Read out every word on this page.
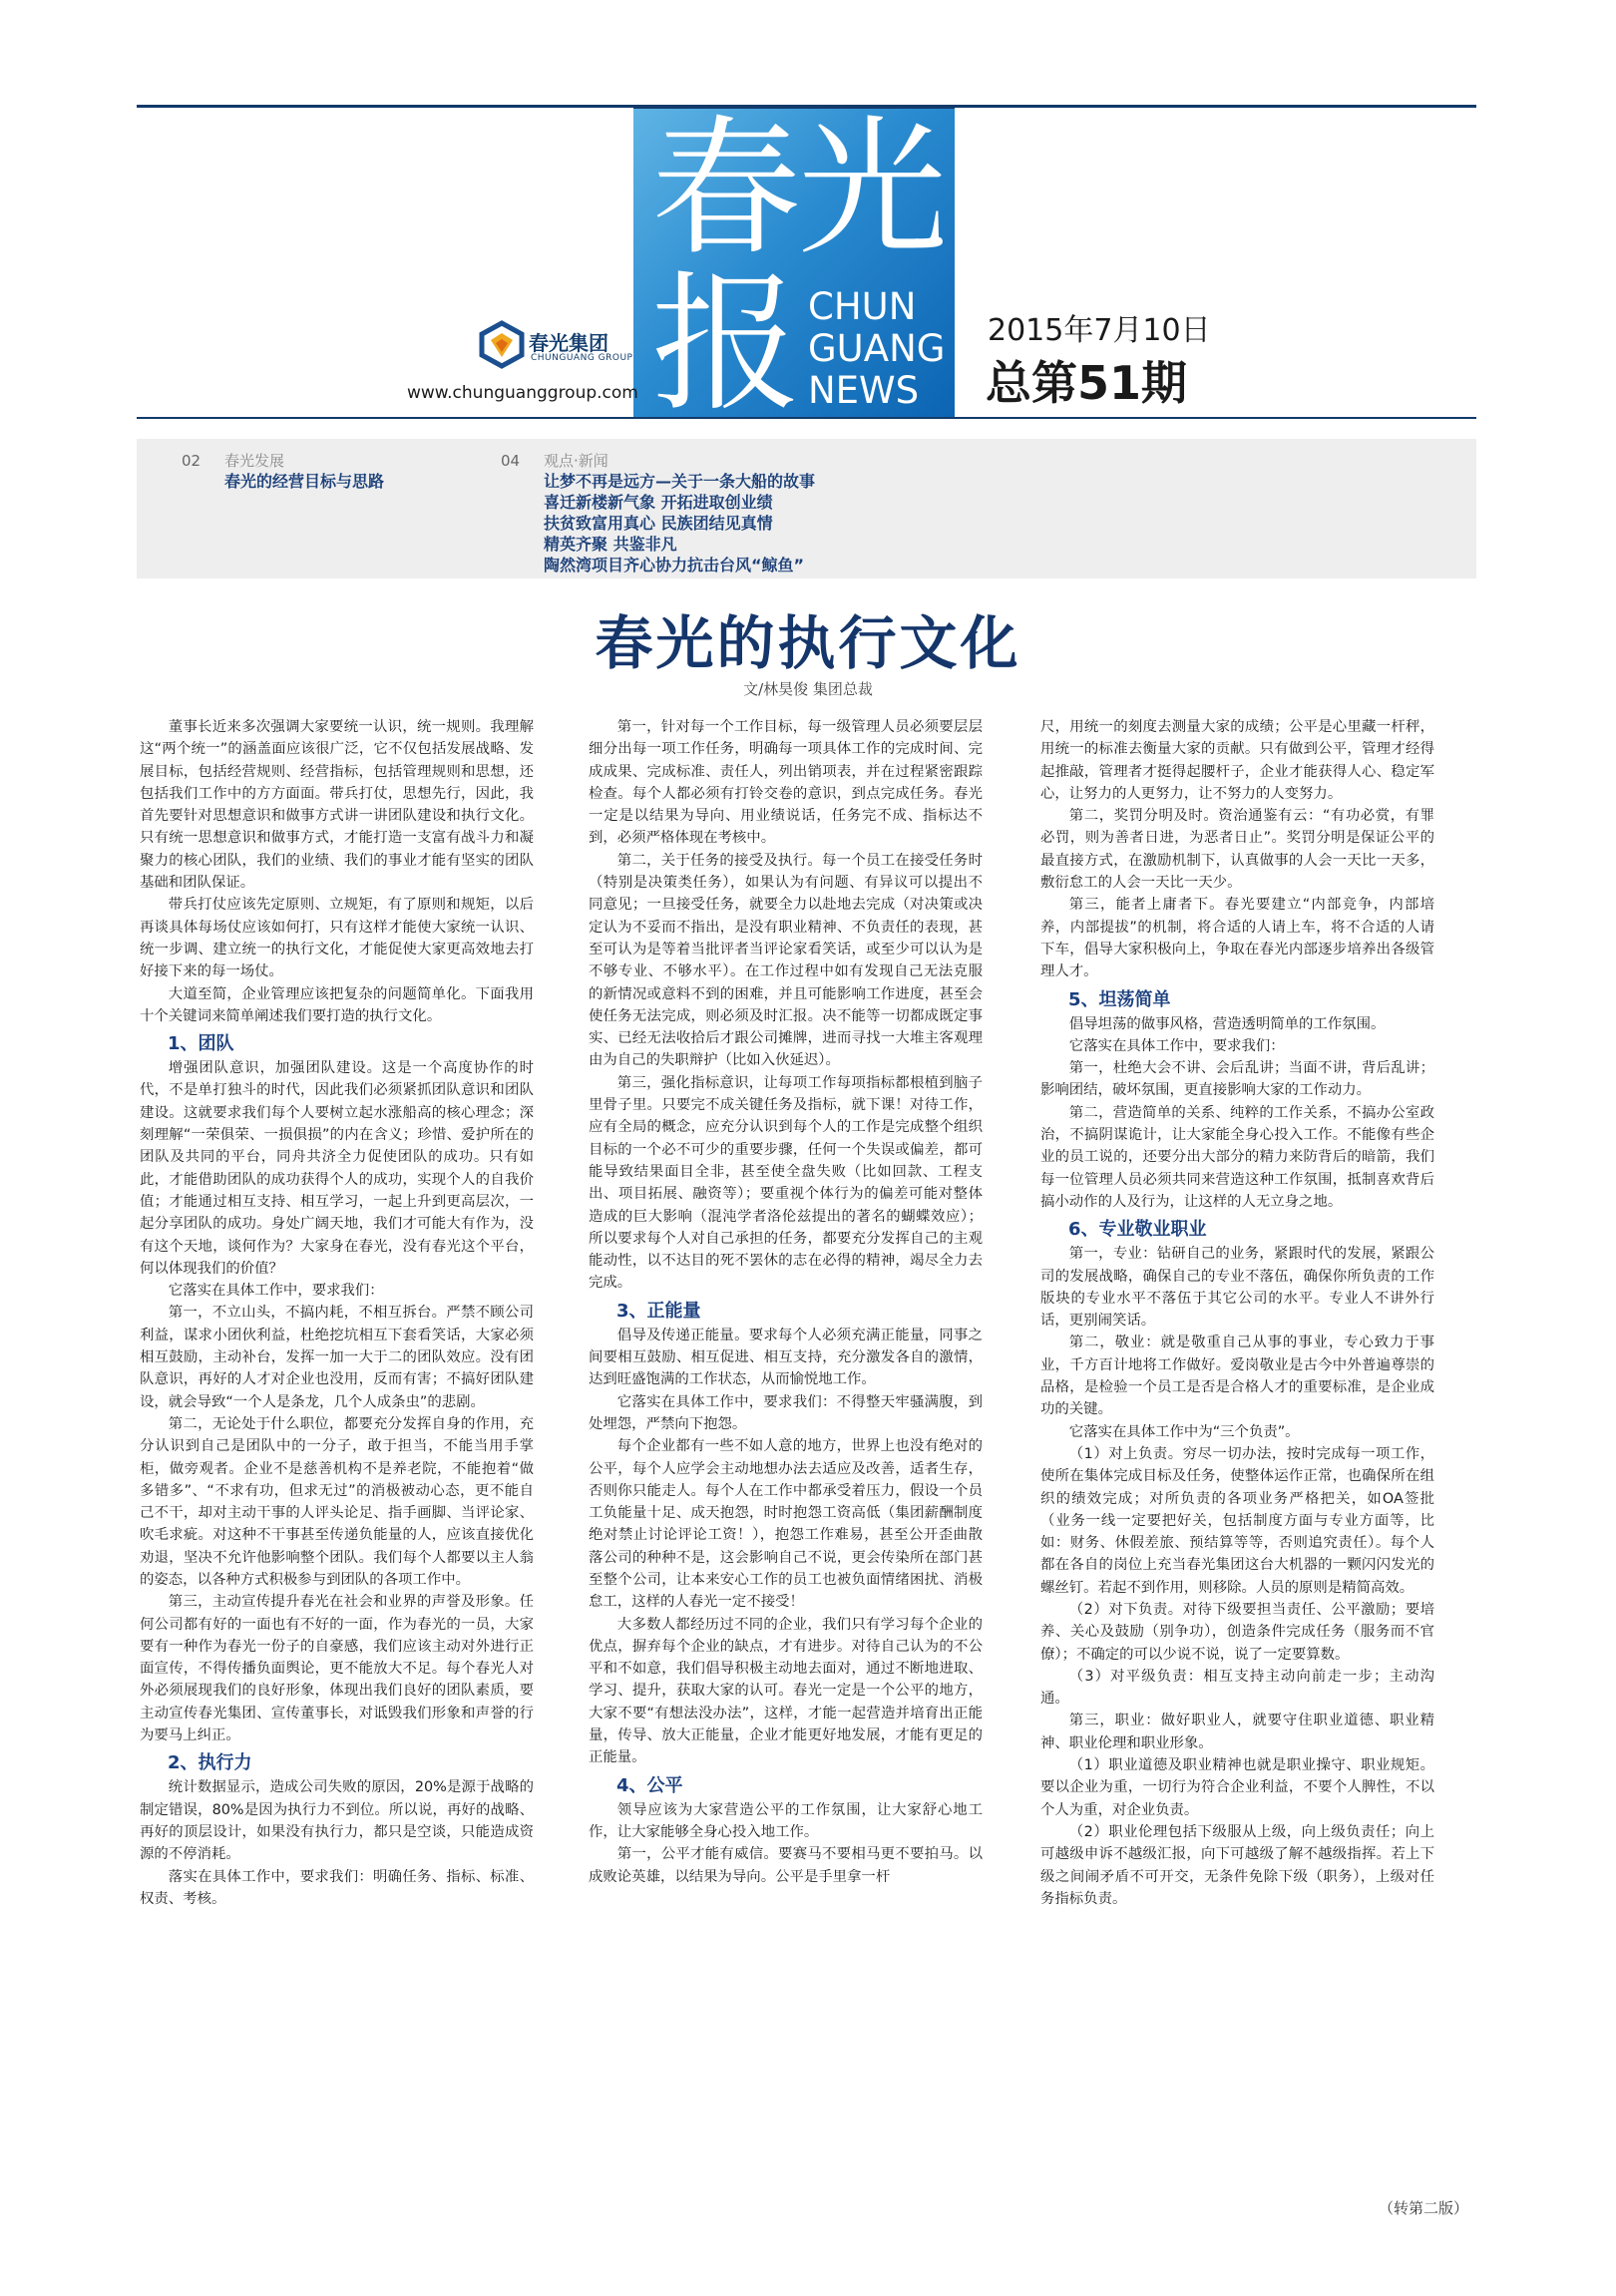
春
光
报 CHUN
GUANG
NEWS
春光集团
CHUNGUANG GROUP
www.chunguanggroup.com
2015年7月10日
总第51期
02 春光发展
春光的经营目标与思路
04 观点·新闻
让梦不再是远方—关于一条大船的故事
喜迁新楼新气象 开拓进取创业绩
扶贫致富用真心 民族团结见真情
精英齐聚 共鉴非凡
陶然湾项目齐心协力抗击台风“鲸鱼”
春光的执行文化
文/林昊俊 集团总裁

董事长近来多次强调大家要统一认识，统一规则。我理解这“两个统一”的涵盖面应该很广泛，它不仅包括发展战略、发展目标，包括经营规则、经营指标，包括管理规则和思想，还包括我们工作中的方方面面。带兵打仗，思想先行，因此，我首先要针对思想意识和做事方式讲一讲团队建设和执行文化。只有统一思想意识和做事方式，才能打造一支富有战斗力和凝聚力的核心团队，我们的业绩、我们的事业才能有坚实的团队基础和团队保证。

带兵打仗应该先定原则、立规矩，有了原则和规矩，以后再谈具体每场仗应该如何打，只有这样才能使大家统一认识、统一步调、建立统一的执行文化，才能促使大家更高效地去打好接下来的每一场仗。

大道至简，企业管理应该把复杂的问题简单化。下面我用十个关键词来简单阐述我们要打造的执行文化。

1、团队

增强团队意识，加强团队建设。这是一个高度协作的时代，不是单打独斗的时代，因此我们必须紧抓团队意识和团队建设。这就要求我们每个人要树立起水涨船高的核心理念；深刻理解“一荣俱荣、一损俱损”的内在含义；珍惜、爱护所在的团队及共同的平台，同舟共济全力促使团队的成功。只有如此，才能借助团队的成功获得个人的成功，实现个人的自我价值；才能通过相互支持、相互学习，一起上升到更高层次，一起分享团队的成功。身处广阔天地，我们才可能大有作为，没有这个天地，谈何作为？大家身在春光，没有春光这个平台，何以体现我们的价值？

它落实在具体工作中，要求我们：

第一，不立山头，不搞内耗，不相互拆台。严禁不顾公司利益，谋求小团伙利益，杜绝挖坑相互下套看笑话，大家必须相互鼓励，主动补台，发挥一加一大于二的团队效应。没有团队意识，再好的人才对企业也没用，反而有害；不搞好团队建设，就会导致“一个人是条龙，几个人成条虫”的悲剧。

第二，无论处于什么职位，都要充分发挥自身的作用，充分认识到自己是团队中的一分子，敢于担当，不能当用手掌柜，做旁观者。企业不是慈善机构不是养老院，不能抱着“做多错多”、“不求有功，但求无过”的消极被动心态，更不能自己不干，却对主动干事的人评头论足、指手画脚、当评论家、吹毛求疵。对这种不干事甚至传递负能量的人，应该直接优化劝退，坚决不允许他影响整个团队。我们每个人都要以主人翁的姿态，以各种方式积极参与到团队的各项工作中。

第三，主动宣传提升春光在社会和业界的声誉及形象。任何公司都有好的一面也有不好的一面，作为春光的一员，大家要有一种作为春光一份子的自豪感，我们应该主动对外进行正面宣传，不得传播负面舆论，更不能放大不足。每个春光人对外必须展现我们的良好形象，体现出我们良好的团队素质，要主动宣传春光集团、宣传董事长，对诋毁我们形象和声誉的行为要马上纠正。

2、执行力

统计数据显示，造成公司失败的原因，20%是源于战略的制定错误，80%是因为执行力不到位。所以说，再好的战略、再好的顶层设计，如果没有执行力，都只是空谈，只能造成资源的不停消耗。

落实在具体工作中，要求我们：明确任务、指标、标准、权责、考核。

第一，针对每一个工作目标，每一级管理人员必须要层层细分出每一项工作任务，明确每一项具体工作的完成时间、完成成果、完成标准、责任人，列出销项表，并在过程紧密跟踪检查。每个人都必须有打铃交卷的意识，到点完成任务。春光一定是以结果为导向、用业绩说话，任务完不成、指标达不到，必须严格体现在考核中。

第二，关于任务的接受及执行。每一个员工在接受任务时（特别是决策类任务），如果认为有问题、有异议可以提出不同意见；一旦接受任务，就要全力以赴地去完成（对决策或决定认为不妥而不指出，是没有职业精神、不负责任的表现，甚至可认为是等着当批评者当评论家看笑话，或至少可以认为是不够专业、不够水平）。在工作过程中如有发现自己无法克服的新情况或意料不到的困难，并且可能影响工作进度，甚至会使任务无法完成，则必须及时汇报。决不能等一切都成既定事实、已经无法收拾后才跟公司摊牌，进而寻找一大堆主客观理由为自己的失职辩护（比如入伙延迟）。

第三，强化指标意识，让每项工作每项指标都根植到脑子里骨子里。只要完不成关键任务及指标，就下课！对待工作，应有全局的概念，应充分认识到每个人的工作是完成整个组织目标的一个必不可少的重要步骤，任何一个失误或偏差，都可能导致结果面目全非，甚至使全盘失败（比如回款、工程支出、项目拓展、融资等）；要重视个体行为的偏差可能对整体造成的巨大影响（混沌学者洛伦兹提出的著名的蝴蝶效应）；所以要求每个人对自己承担的任务，都要充分发挥自己的主观能动性，以不达目的死不罢休的志在必得的精神，竭尽全力去完成。

3、正能量

倡导及传递正能量。要求每个人必须充满正能量，同事之间要相互鼓励、相互促进、相互支持，充分激发各自的激情，达到旺盛饱满的工作状态，从而愉悦地工作。

它落实在具体工作中，要求我们：不得整天牢骚满腹，到处埋怨，严禁向下抱怨。

每个企业都有一些不如人意的地方，世界上也没有绝对的公平，每个人应学会主动地想办法去适应及改善，适者生存，否则你只能走人。每个人在工作中都承受着压力，假设一个员工负能量十足、成天抱怨，时时抱怨工资高低（集团薪酬制度绝对禁止讨论评论工资！），抱怨工作难易，甚至公开歪曲散落公司的种种不是，这会影响自己不说，更会传染所在部门甚至整个公司，让本来安心工作的员工也被负面情绪困扰、消极怠工，这样的人春光一定不接受！

大多数人都经历过不同的企业，我们只有学习每个企业的优点，摒弃每个企业的缺点，才有进步。对待自己认为的不公平和不如意，我们倡导积极主动地去面对，通过不断地进取、学习、提升，获取大家的认可。春光一定是一个公平的地方，大家不要“有想法没办法”，这样，才能一起营造并培育出正能量，传导、放大正能量，企业才能更好地发展，才能有更足的正能量。

4、公平

领导应该为大家营造公平的工作氛围，让大家舒心地工作，让大家能够全身心投入地工作。

第一，公平才能有威信。要赛马不要相马更不要拍马。以成败论英雄，以结果为导向。公平是手里拿一杆

尺，用统一的刻度去测量大家的成绩；公平是心里藏一杆秤，用统一的标准去衡量大家的贡献。只有做到公平，管理才经得起推敲，管理者才挺得起腰杆子，企业才能获得人心、稳定军心，让努力的人更努力，让不努力的人变努力。

第二，奖罚分明及时。资治通鉴有云：“有功必赏，有罪必罚，则为善者日进，为恶者日止”。奖罚分明是保证公平的最直接方式，在激励机制下，认真做事的人会一天比一天多，敷衍怠工的人会一天比一天少。

第三，能者上庸者下。春光要建立“内部竞争，内部培养，内部提拔”的机制，将合适的人请上车，将不合适的人请下车，倡导大家积极向上，争取在春光内部逐步培养出各级管理人才。

5、坦荡简单

倡导坦荡的做事风格，营造透明简单的工作氛围。

它落实在具体工作中，要求我们：

第一，杜绝大会不讲、会后乱讲；当面不讲，背后乱讲；影响团结，破坏氛围，更直接影响大家的工作动力。

第二，营造简单的关系、纯粹的工作关系，不搞办公室政治，不搞阴谋诡计，让大家能全身心投入工作。不能像有些企业的员工说的，还要分出大部分的精力来防背后的暗箭，我们每一位管理人员必须共同来营造这种工作氛围，抵制喜欢背后搞小动作的人及行为，让这样的人无立身之地。

6、专业敬业职业

第一，专业：钻研自己的业务，紧跟时代的发展，紧跟公司的发展战略，确保自己的专业不落伍，确保你所负责的工作版块的专业水平不落伍于其它公司的水平。专业人不讲外行话，更别闹笑话。

第二，敬业：就是敬重自己从事的事业，专心致力于事业，千方百计地将工作做好。爱岗敬业是古今中外普遍尊崇的品格，是检验一个员工是否是合格人才的重要标准，是企业成功的关键。

它落实在具体工作中为“三个负责”。

（1）对上负责。穷尽一切办法，按时完成每一项工作，使所在集体完成目标及任务，使整体运作正常，也确保所在组织的绩效完成；对所负责的各项业务严格把关，如OA签批（业务一线一定要把好关，包括制度方面与专业方面等，比如：财务、休假差旅、预结算等等，否则追究责任）。每个人都在各自的岗位上充当春光集团这台大机器的一颗闪闪发光的螺丝钉。若起不到作用，则移除。人员的原则是精简高效。

（2）对下负责。对待下级要担当责任、公平激励；要培养、关心及鼓励（别争功），创造条件完成任务（服务而不官僚）；不确定的可以少说不说，说了一定要算数。

（3）对平级负责：相互支持主动向前走一步；主动沟通。

第三，职业：做好职业人，就要守住职业道德、职业精神、职业伦理和职业形象。

（1）职业道德及职业精神也就是职业操守、职业规矩。要以企业为重，一切行为符合企业利益，不要个人脾性，不以个人为重，对企业负责。

（2）职业伦理包括下级服从上级，向上级负责任；向上可越级申诉不越级汇报，向下可越级了解不越级指挥。若上下级之间闹矛盾不可开交，无条件免除下级（职务），上级对任务指标负责。

（转第二版）
